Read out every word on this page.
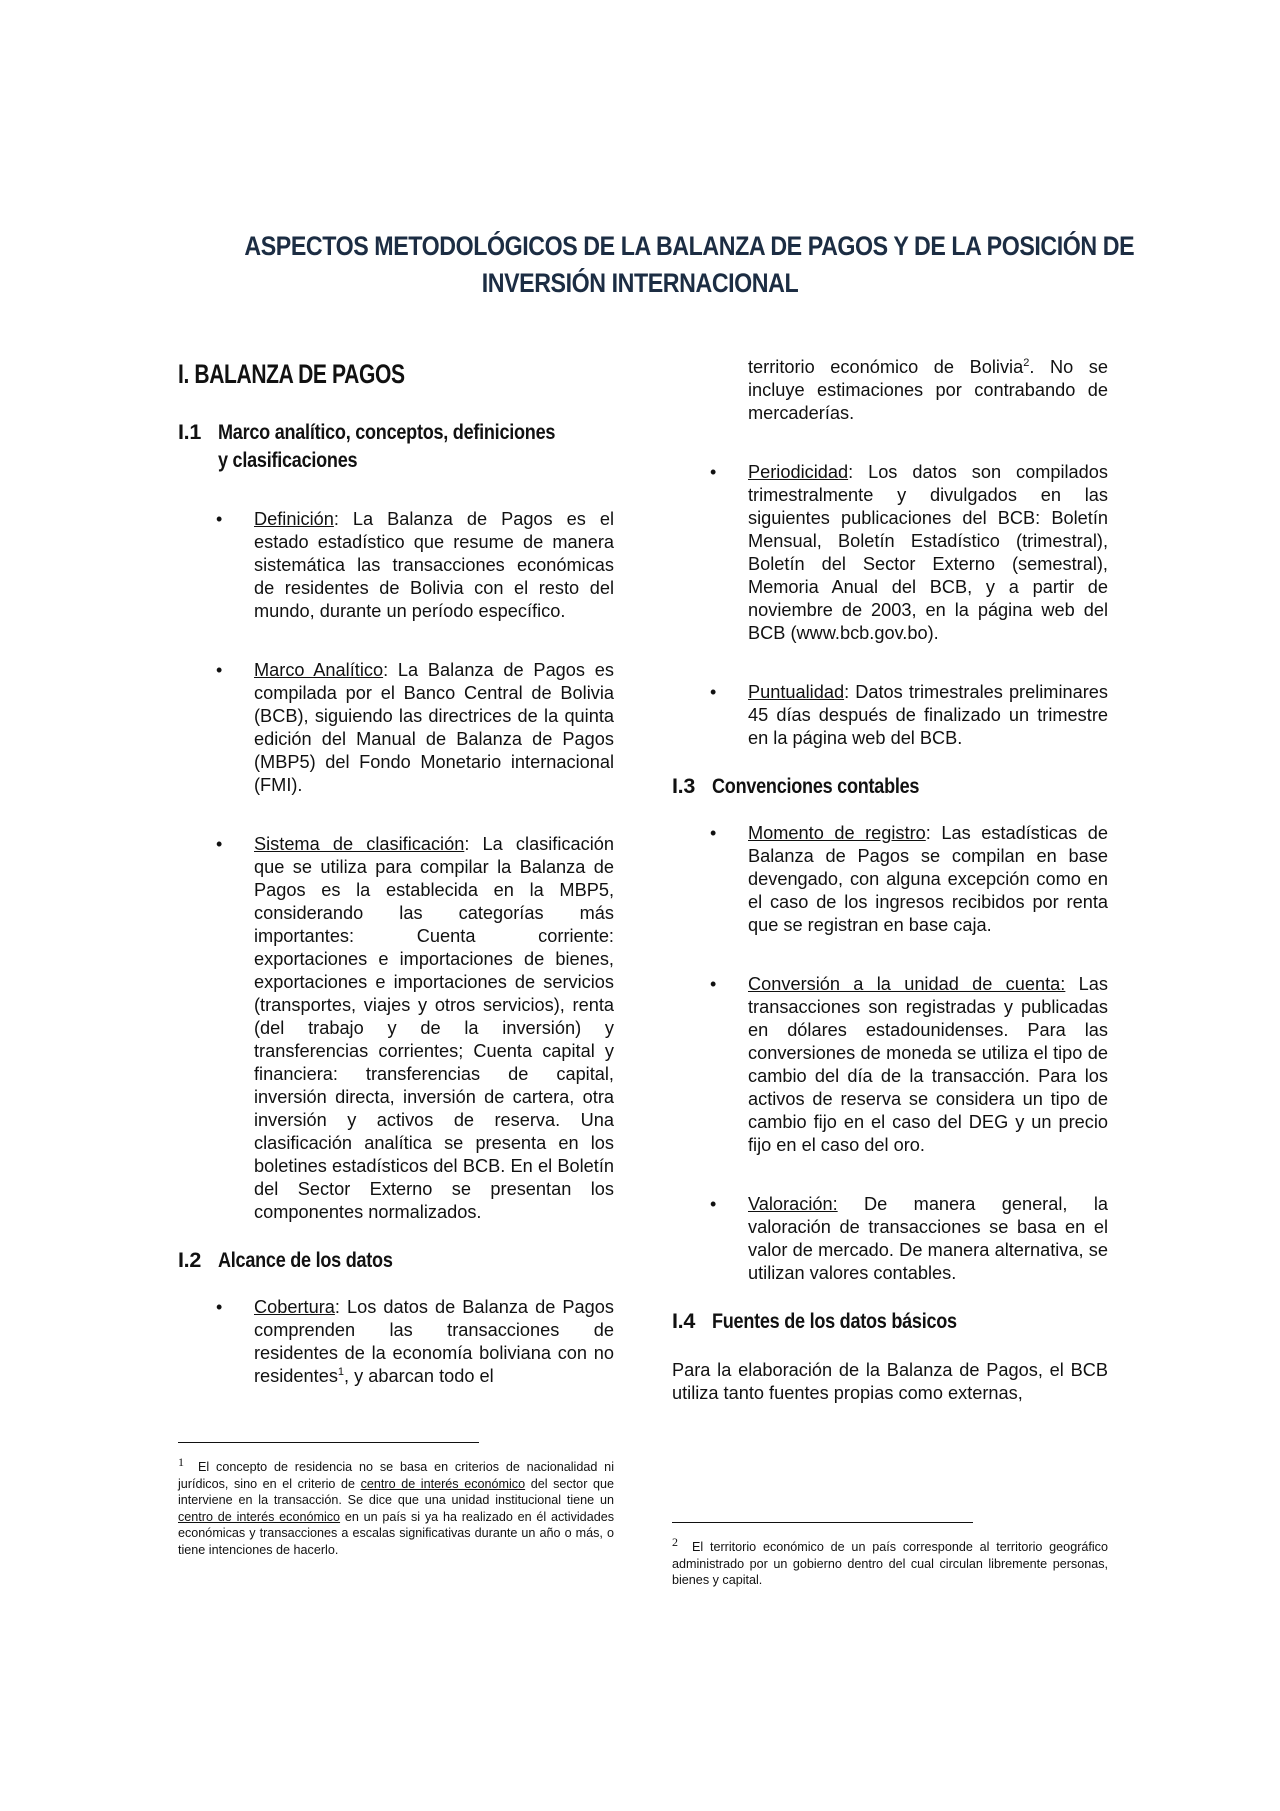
ASPECTOS METODOLÓGICOS DE LA BALANZA DE PAGOS Y DE LA POSICIÓN DE
INVERSIÓN INTERNACIONAL
I. BALANZA DE PAGOS
I.1 Marco analítico, conceptos, definiciones
y clasificaciones
• Definición: La Balanza de Pagos es el estado estadístico que resume de manera sistemática las transacciones económicas de residentes de Bolivia con el resto del mundo, durante un período específico.
• Marco Analítico: La Balanza de Pagos es compilada por el Banco Central de Bolivia (BCB), siguiendo las directrices de la quinta edición del Manual de Balanza de Pagos (MBP5) del Fondo Monetario internacional (FMI).
• Sistema de clasificación: La clasificación que se utiliza para compilar la Balanza de Pagos es la establecida en la MBP5, considerando las categorías más importantes: Cuenta corriente: exportaciones e importaciones de bienes, exportaciones e importaciones de servicios (transportes, viajes y otros servicios), renta (del trabajo y de la inversión) y transferencias corrientes; Cuenta capital y financiera: transferencias de capital, inversión directa, inversión de cartera, otra inversión y activos de reserva. Una clasificación analítica se presenta en los boletines estadísticos del BCB. En el Boletín del Sector Externo se presentan los componentes normalizados.
I.2 Alcance de los datos
• Cobertura: Los datos de Balanza de Pagos comprenden las transacciones de residentes de la economía boliviana con no residentes$^1$, y abarcan todo el
1 El concepto de residencia no se basa en criterios de nacionalidad ni jurídicos, sino en el criterio de centro de interés económico del sector que interviene en la transacción. Se dice que una unidad institucional tiene un centro de interés económico en un país si ya ha realizado en él actividades económicas y transacciones a escalas significativas durante un año o más, o tiene intenciones de hacerlo.
territorio económico de Bolivia$^2$. No se incluye estimaciones por contrabando de mercaderías.
• Periodicidad: Los datos son compilados trimestralmente y divulgados en las siguientes publicaciones del BCB: Boletín Mensual, Boletín Estadístico (trimestral), Boletín del Sector Externo (semestral), Memoria Anual del BCB, y a partir de noviembre de 2003, en la página web del BCB (www.bcb.gov.bo).
• Puntualidad: Datos trimestrales preliminares 45 días después de finalizado un trimestre en la página web del BCB.
I.3 Convenciones contables
• Momento de registro: Las estadísticas de Balanza de Pagos se compilan en base devengado, con alguna excepción como en el caso de los ingresos recibidos por renta que se registran en base caja.
• Conversión a la unidad de cuenta: Las transacciones son registradas y publicadas en dólares estadounidenses. Para las conversiones de moneda se utiliza el tipo de cambio del día de la transacción. Para los activos de reserva se considera un tipo de cambio fijo en el caso del DEG y un precio fijo en el caso del oro.
• Valoración: De manera general, la valoración de transacciones se basa en el valor de mercado. De manera alternativa, se utilizan valores contables.
I.4 Fuentes de los datos básicos
Para la elaboración de la Balanza de Pagos, el BCB utiliza tanto fuentes propias como externas,
2 El territorio económico de un país corresponde al territorio geográfico administrado por un gobierno dentro del cual circulan libremente personas, bienes y capital.
